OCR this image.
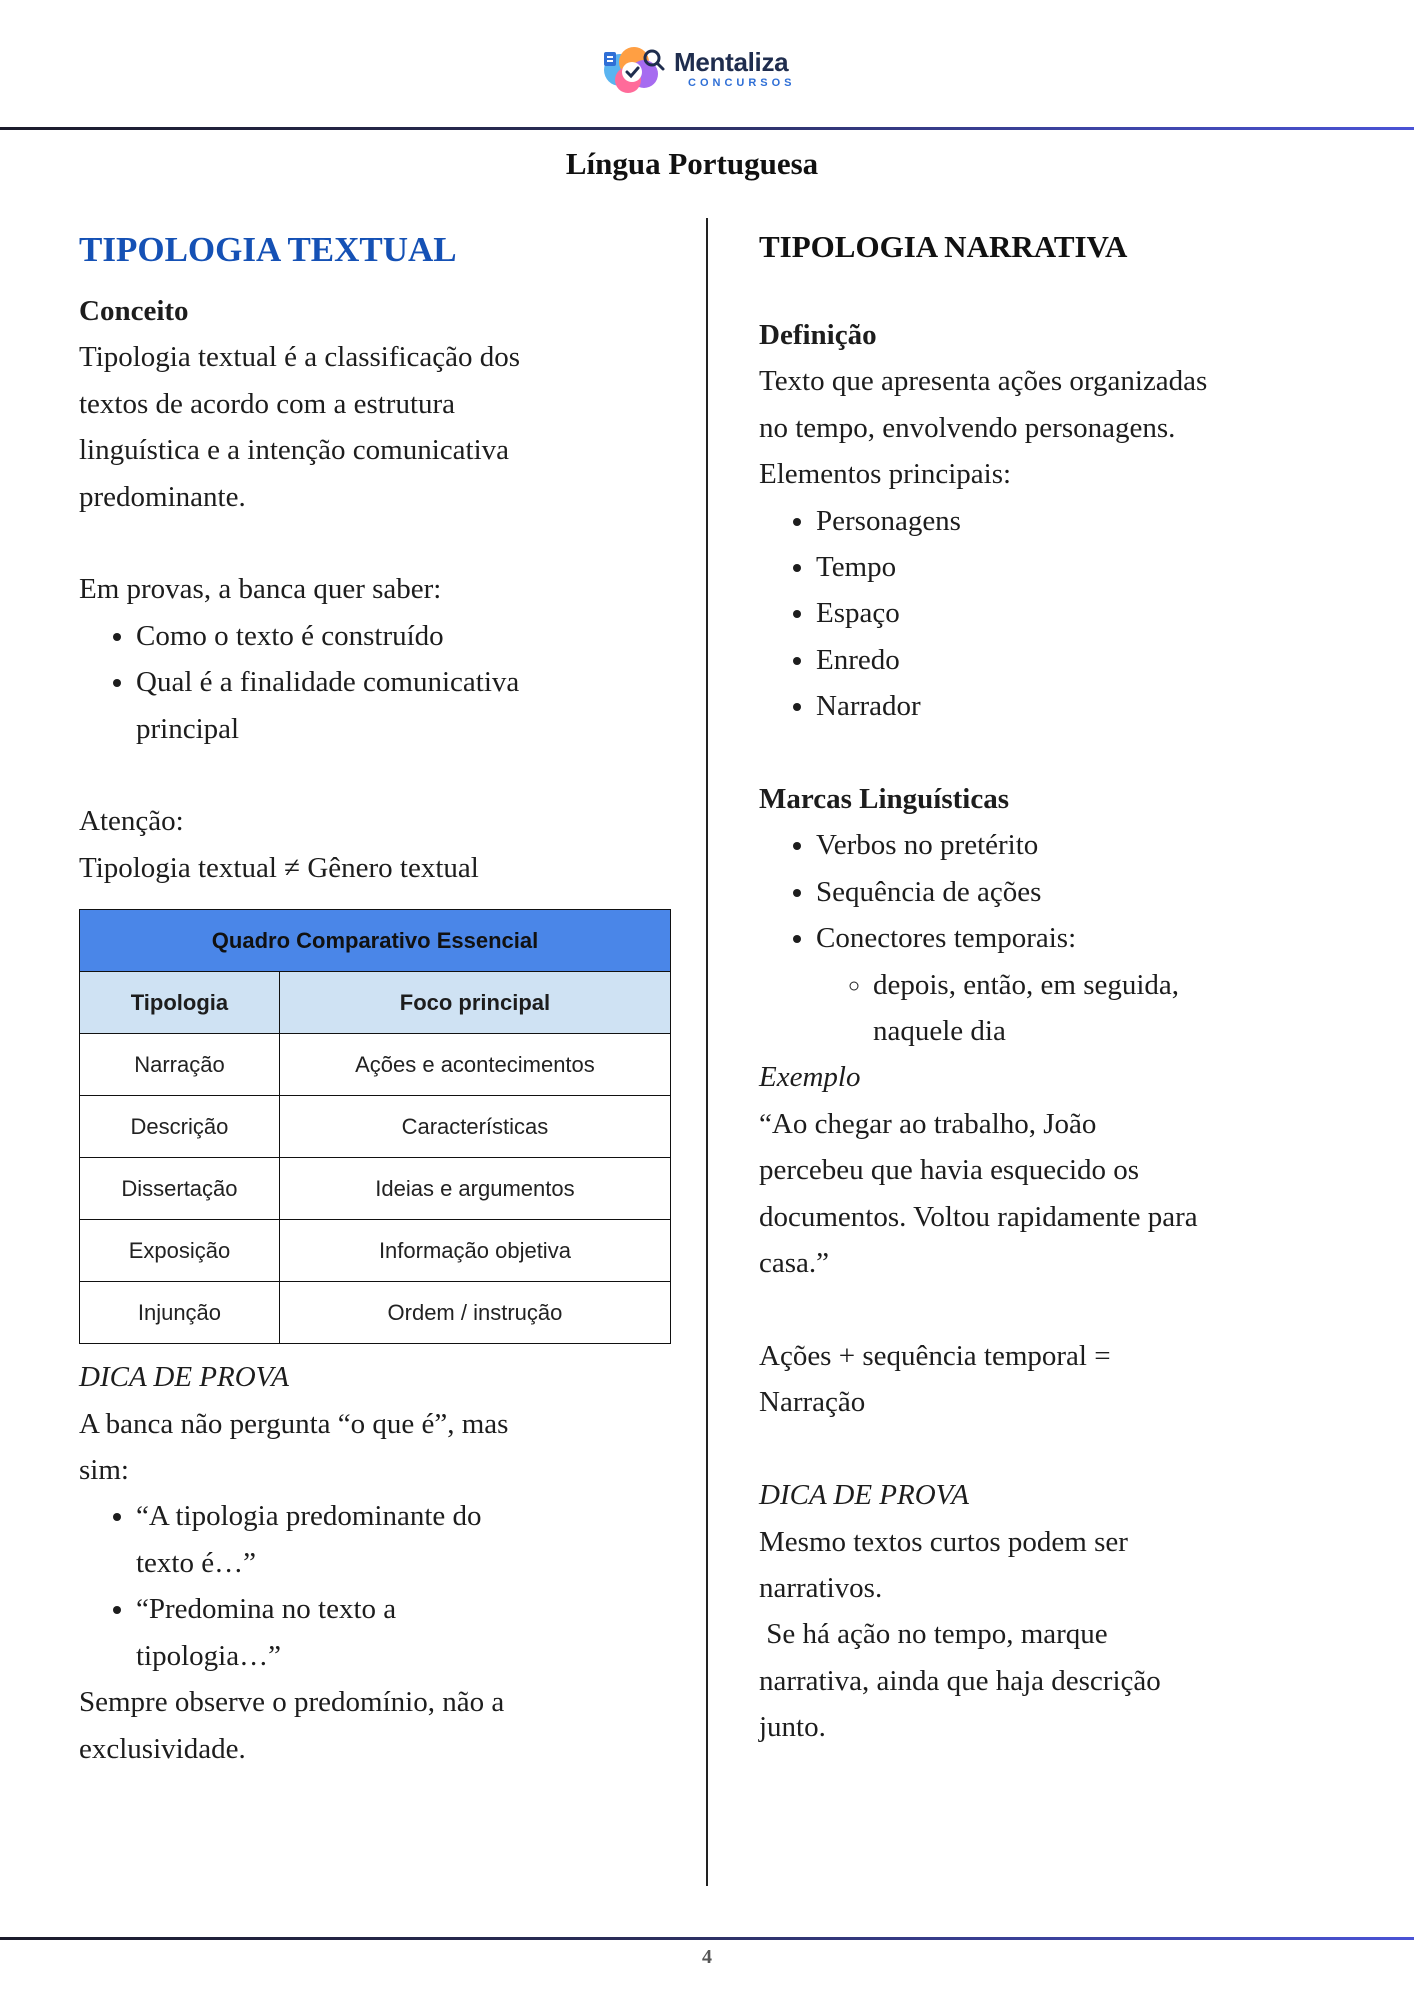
Mentaliza
CONCURSOS
Língua Portuguesa
TIPOLOGIA TEXTUAL

Conceito

Tipologia textual é a classificação dos

textos de acordo com a estrutura

linguística e a intenção comunicativa

predominante.

Em provas, a banca quer saber:

• Como o texto é construído
• Qual é a finalidade comunicativa
principal

Atenção:

Tipologia textual ≠ Gênero textual

Quadro Comparativo Essencial	
Tipologia	Foco principal
Narração	Ações e acontecimentos
Descrição	Características
Dissertação	Ideias e argumentos
Exposição	Informação objetiva
Injunção	Ordem / instrução

DICA DE PROVA

A banca não pergunta “o que é”, mas

sim:

• “A tipologia predominante do
texto é…”
• “Predomina no texto a
tipologia…”

Sempre observe o predomínio, não a

exclusividade.

TIPOLOGIA NARRATIVA

Definição

Texto que apresenta ações organizadas

no tempo, envolvendo personagens.

Elementos principais:

• Personagens
• Tempo
• Espaço
• Enredo
• Narrador

Marcas Linguísticas

• Verbos no pretérito
• Sequência de ações
• Conectores temporais:
◦ depois, então, em seguida,
naquele dia

Exemplo

“Ao chegar ao trabalho, João

percebeu que havia esquecido os

documentos. Voltou rapidamente para

casa.”

Ações + sequência temporal =

Narração

DICA DE PROVA

Mesmo textos curtos podem ser

narrativos.

Se há ação no tempo, marque

narrativa, ainda que haja descrição

junto.

4
